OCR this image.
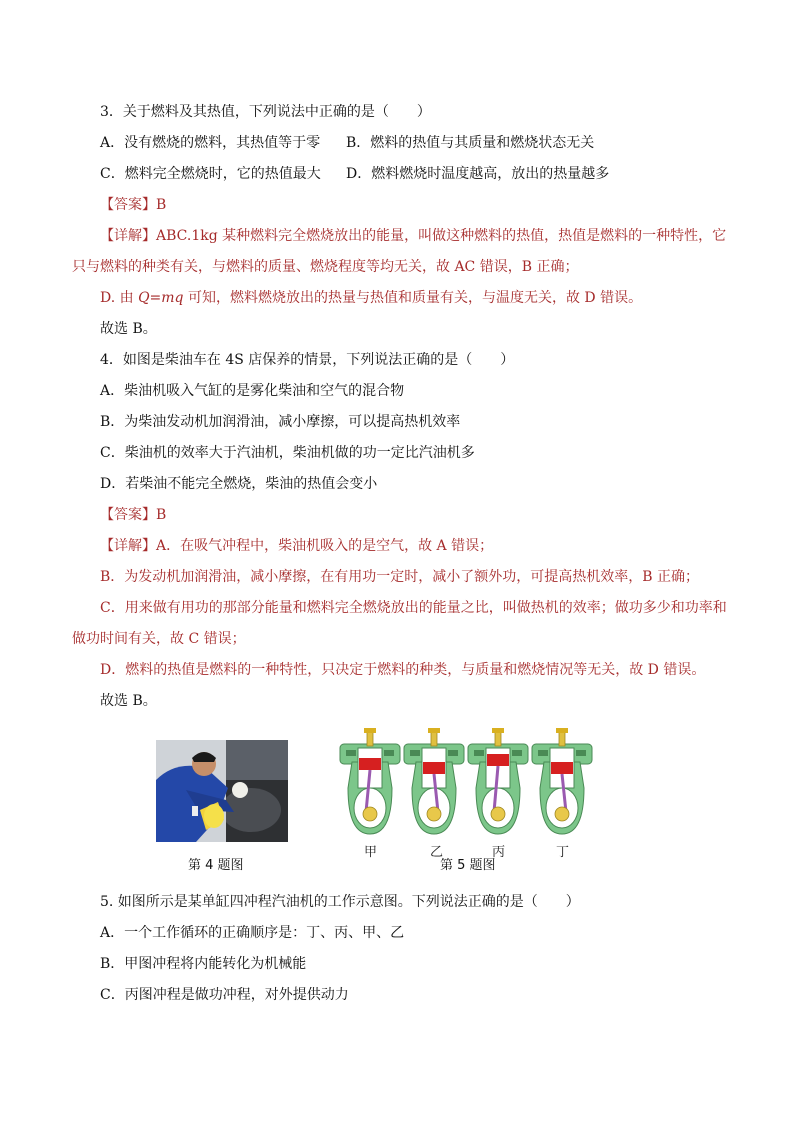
3．关于燃料及其热值，下列说法中正确的是（　　）
A．没有燃烧的燃料，其热值等于零 B．燃料的热值与其质量和燃烧状态无关
C．燃料完全燃烧时，它的热值最大 D．燃料燃烧时温度越高，放出的热量越多
【答案】B
【详解】ABC.1kg 某种燃料完全燃烧放出的能量，叫做这种燃料的热值，热值是燃料的一种特性，它
只与燃料的种类有关，与燃料的质量、燃烧程度等均无关，故 AC 错误，B 正确；
D. 由 Q=mq 可知，燃料燃烧放出的热量与热值和质量有关，与温度无关，故 D 错误。
故选 B。
4．如图是柴油车在 4S 店保养的情景，下列说法正确的是（　　）
A．柴油机吸入气缸的是雾化柴油和空气的混合物
B．为柴油发动机加润滑油，减小摩擦，可以提高热机效率
C．柴油机的效率大于汽油机，柴油机做的功一定比汽油机多
D．若柴油不能完全燃烧，柴油的热值会变小
【答案】B
【详解】A．在吸气冲程中，柴油机吸入的是空气，故 A 错误；
B．为发动机加润滑油，减小摩擦，在有用功一定时，减小了额外功，可提高热机效率，B 正确；
C．用来做有用功的那部分能量和燃料完全燃烧放出的能量之比，叫做热机的效率；做功多少和功率和
做功时间有关，故 C 错误；
D．燃料的热值是燃料的一种特性，只决定于燃料的种类，与质量和燃烧情况等无关，故 D 错误。
故选 B。
甲	乙	丙	丁
第 4 题图	第 5 题图
5. 如图所示是某单缸四冲程汽油机的工作示意图。下列说法正确的是（　　）
A．一个工作循环的正确顺序是：丁、丙、甲、乙
B．甲图冲程将内能转化为机械能
C．丙图冲程是做功冲程，对外提供动力
